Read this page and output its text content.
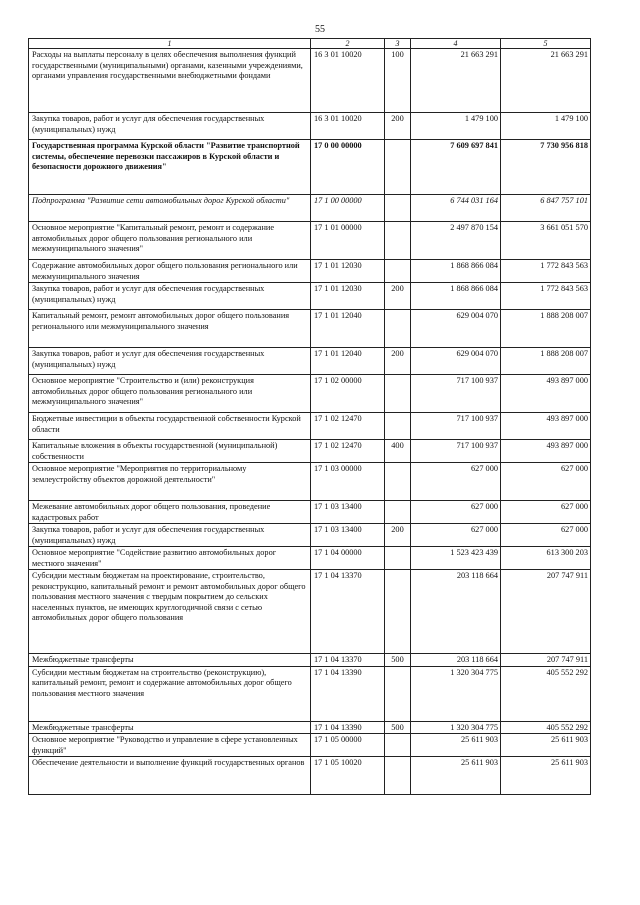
55
1	2	3	4	5
Расходы на выплаты персоналу в целях обеспечения выполнения функций государственными (муниципальными) органами, казенными учреждениями, органами управления государственными внебюджетными фондами	16 3 01 10020	100	21 663 291	21 663 291
Закупка товаров, работ и услуг для обеспечения государственных (муниципальных) нужд	16 3 01 10020	200	1 479 100	1 479 100
Государственная программа Курской области "Развитие транспортной системы, обеспечение перевозки пассажиров в Курской области и безопасности дорожного движения"	17 0 00 00000		7 609 697 841	7 730 956 818
Подпрограмма "Развитие сети автомобильных дорог Курской области"	17 1 00 00000		6 744 031 164	6 847 757 101
Основное мероприятие "Капитальный ремонт, ремонт и содержание автомобильных дорог общего пользования регионального или межмуниципального значения"	17 1 01 00000		2 497 870 154	3 661 051 570
Содержание автомобильных дорог общего пользования регионального или межмуниципального значения	17 1 01 12030		1 868 866 084	1 772 843 563
Закупка товаров, работ и услуг для обеспечения государственных (муниципальных) нужд	17 1 01 12030	200	1 868 866 084	1 772 843 563
Капитальный ремонт, ремонт автомобильных дорог общего пользования регионального или межмуниципального значения	17 1 01 12040		629 004 070	1 888 208 007
Закупка товаров, работ и услуг для обеспечения государственных (муниципальных) нужд	17 1 01 12040	200	629 004 070	1 888 208 007
Основное мероприятие "Строительство и (или) реконструкция автомобильных дорог общего пользования регионального или межмуниципального значения"	17 1 02 00000		717 100 937	493 897 000
Бюджетные инвестиции в объекты государственной собственности Курской области	17 1 02 12470		717 100 937	493 897 000
Капитальные вложения в объекты государственной (муниципальной) собственности	17 1 02 12470	400	717 100 937	493 897 000
Основное мероприятие "Мероприятия по территориальному землеустройству объектов дорожной деятельности"	17 1 03 00000		627 000	627 000
Межевание автомобильных дорог общего пользования, проведение кадастровых работ	17 1 03 13400		627 000	627 000
Закупка товаров, работ и услуг для обеспечения государственных (муниципальных) нужд	17 1 03 13400	200	627 000	627 000
Основное мероприятие "Содействие развитию автомобильных дорог местного значения"	17 1 04 00000		1 523 423 439	613 300 203
Субсидии местным бюджетам на проектирование, строительство, реконструкцию, капитальный ремонт и ремонт автомобильных дорог общего пользования местного значения с твердым покрытием до сельских населенных пунктов, не имеющих круглогодичной связи с сетью автомобильных дорог общего пользования	17 1 04 13370		203 118 664	207 747 911
Межбюджетные трансферты	17 1 04 13370	500	203 118 664	207 747 911
Субсидии местным бюджетам на строительство (реконструкцию), капитальный ремонт, ремонт и содержание автомобильных дорог общего пользования местного значения	17 1 04 13390		1 320 304 775	405 552 292
Межбюджетные трансферты	17 1 04 13390	500	1 320 304 775	405 552 292
Основное мероприятие "Руководство и управление в сфере установленных функций"	17 1 05 00000		25 611 903	25 611 903
Обеспечение деятельности и выполнение функций государственных органов	17 1 05 10020		25 611 903	25 611 903
